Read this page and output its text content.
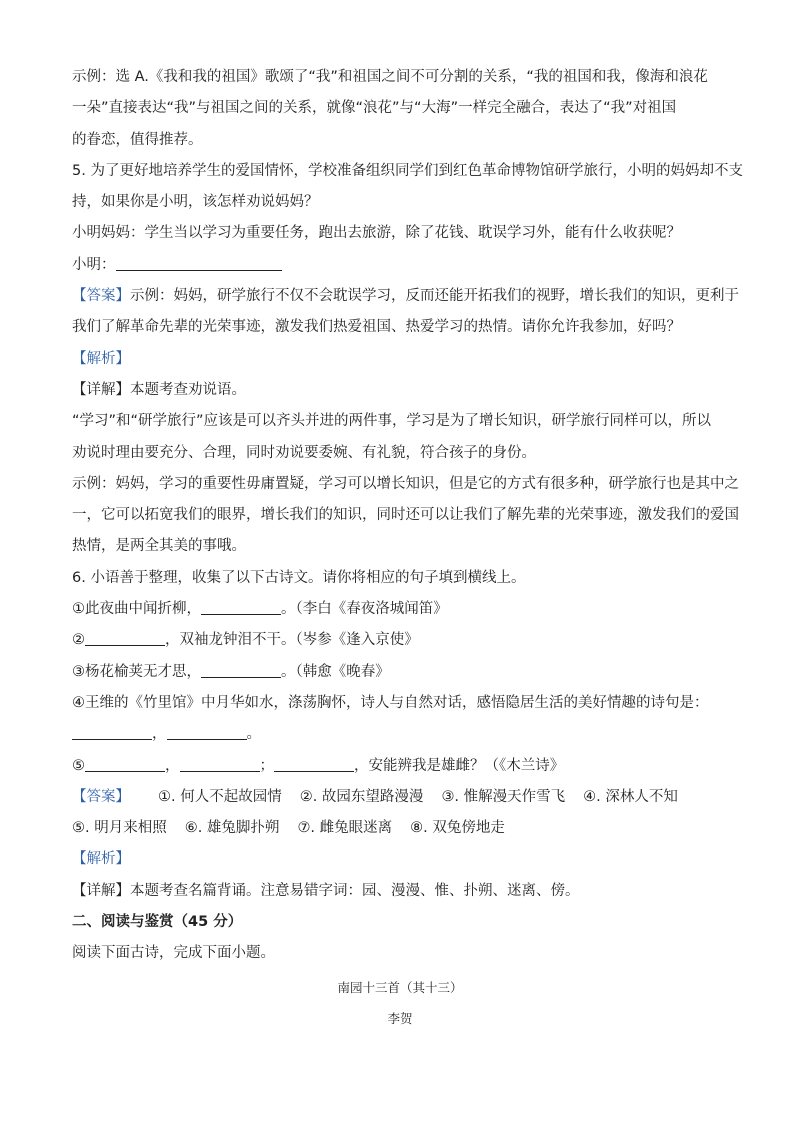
示例：选 A.《我和我的祖国》歌颂了“我”和祖国之间不可分割的关系，“我的祖国和我，像海和浪花
一朵”直接表达“我”与祖国之间的关系，就像“浪花”与“大海”一样完全融合，表达了“我”对祖国
的眷恋，值得推荐。
5. 为了更好地培养学生的爱国情怀，学校准备组织同学们到红色革命博物馆研学旅行，小明的妈妈却不支
持，如果你是小明，该怎样劝说妈妈？
小明妈妈：学生当以学习为重要任务，跑出去旅游，除了花钱、耽误学习外，能有什么收获呢？
小明：
【答案】示例：妈妈，研学旅行不仅不会耽误学习，反而还能开拓我们的视野，增长我们的知识，更利于
我们了解革命先辈的光荣事迹，激发我们热爱祖国、热爱学习的热情。请你允许我参加，好吗？
【解析】
【详解】本题考查劝说语。
“学习”和“研学旅行”应该是可以齐头并进的两件事，学习是为了增长知识，研学旅行同样可以，所以
劝说时理由要充分、合理，同时劝说要委婉、有礼貌，符合孩子的身份。
示例：妈妈，学习的重要性毋庸置疑，学习可以增长知识，但是它的方式有很多种，研学旅行也是其中之
一，它可以拓宽我们的眼界，增长我们的知识，同时还可以让我们了解先辈的光荣事迹，激发我们的爱国
热情，是两全其美的事哦。
6. 小语善于整理，收集了以下古诗文。请你将相应的句子填到横线上。
①此夜曲中闻折柳，	。（李白《春夜洛城闻笛》
②	，双袖龙钟泪不干。（岑参《逢入京使》
③杨花榆荚无才思，	。（韩愈《晚春》
④王维的《竹里馆》中月华如水，涤荡胸怀，诗人与自然对话，感悟隐居生活的美好情趣的诗句是：
，	。
⑤	，	；	，安能辨我是雄雌？（《木兰诗》
【答案】 ①. 何人不起故园情 ②. 故园东望路漫漫 ③. 惟解漫天作雪飞 ④. 深林人不知
⑤. 明月来相照 ⑥. 雄兔脚扑朔 ⑦. 雌兔眼迷离 ⑧. 双兔傍地走
【解析】
【详解】本题考查名篇背诵。注意易错字词：园、漫漫、惟、扑朔、迷离、傍。
二、阅读与鉴赏（45 分）
阅读下面古诗，完成下面小题。
南园十三首（其十三）
李贺
